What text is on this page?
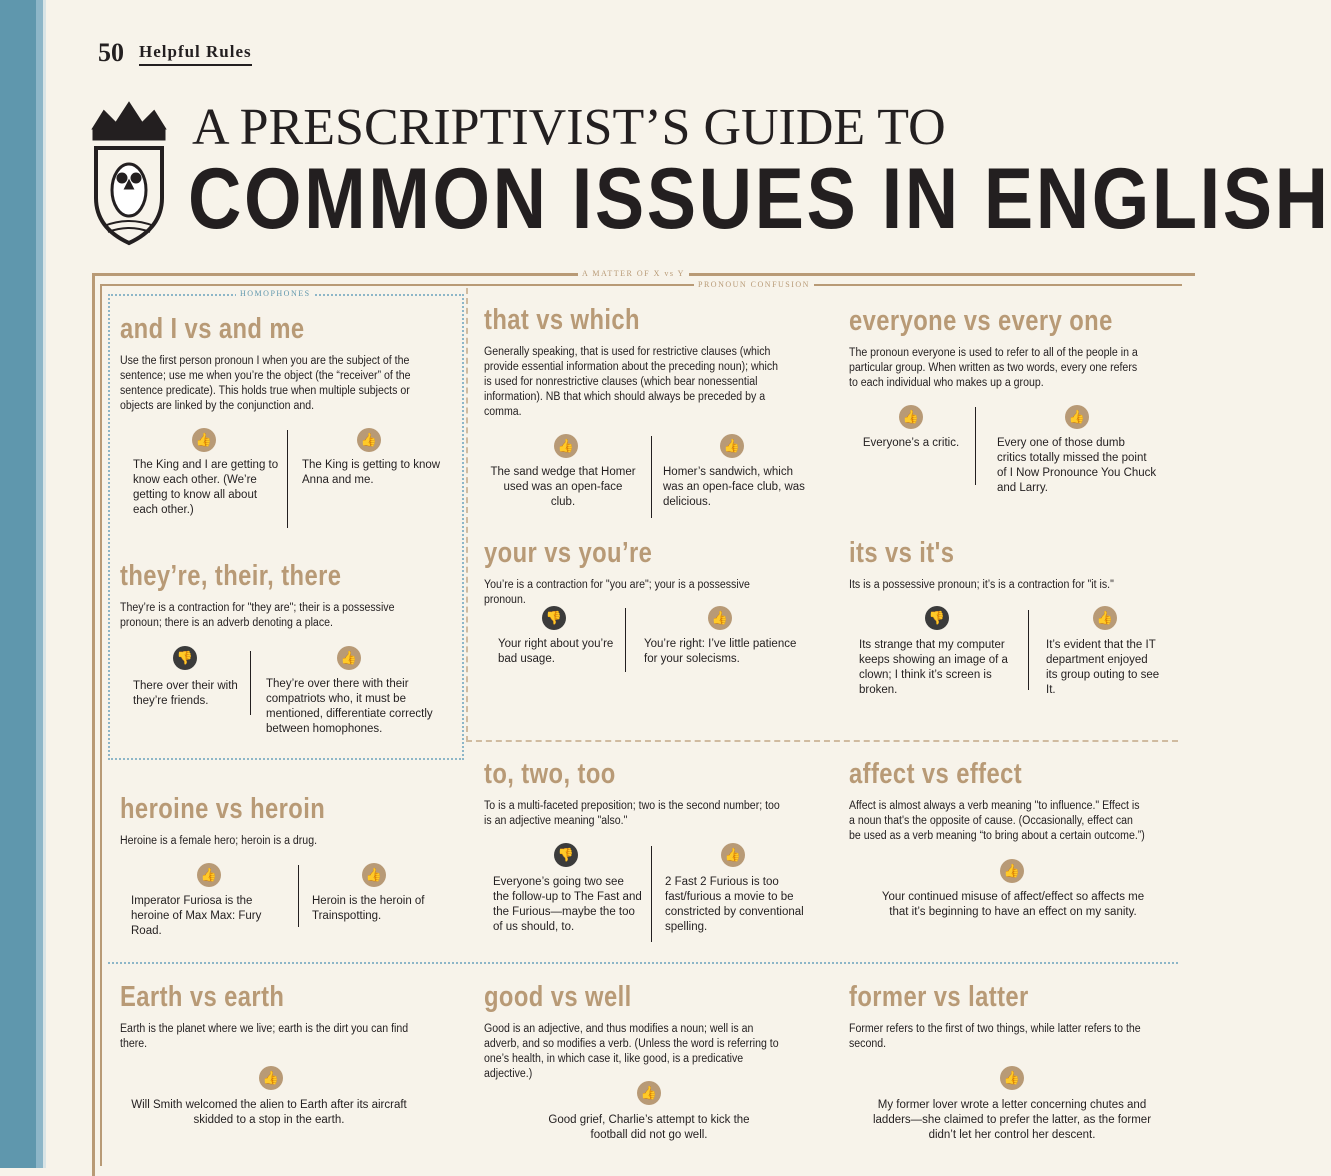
50 Helpful Rules
A PRESCRIPTIVIST’S GUIDE TO
COMMON ISSUES IN ENGLISH
HOMOPHONES
A MATTER OF X vs Y
PRONOUN CONFUSION
and I vs and me

Use the first person pronoun I when you are the subject of the sentence; use me when you’re the object (the “receiver” of the sentence predicate). This holds true when multiple subjects or objects are linked by the conjunction and.

👍
The King and I are getting to know each other. (We’re getting to know all about each other.)
👍
The King is getting to know Anna and me.
they’re, their, there

They’re is a contraction for "they are"; their is a possessive pronoun; there is an adverb denoting a place.

👎
There over their with they’re friends.
👍
They’re over there with their compatriots who, it must be mentioned, differentiate correctly between homophones.
that vs which

Generally speaking, that is used for restrictive clauses (which provide essential information about the preceding noun); which is used for nonrestrictive clauses (which bear nonessential information). NB that which should always be preceded by a comma.

👍
The sand wedge that Homer used was an open-face club.
👍
Homer’s sandwich, which was an open-face club, was delicious.
everyone vs every one

The pronoun everyone is used to refer to all of the people in a particular group. When written as two words, every one refers to each individual who makes up a group.

👍
Everyone’s a critic.
👍
Every one of those dumb critics totally missed the point of I Now Pronounce You Chuck and Larry.
your vs you’re

You’re is a contraction for "you are"; your is a possessive pronoun.

👎
Your right about you’re bad usage.
👍
You’re right: I’ve little patience for your solecisms.
its vs it's

Its is a possessive pronoun; it’s is a contraction for "it is."

👎
Its strange that my computer keeps showing an image of a clown; I think it’s screen is broken.
👍
It’s evident that the IT department enjoyed its group outing to see It.
heroine vs heroin

Heroine is a female hero; heroin is a drug.

👍
Imperator Furiosa is the heroine of Max Max: Fury Road.
👍
Heroin is the heroin of Trainspotting.
to, two, too

To is a multi-faceted preposition; two is the second number; too is an adjective meaning "also."

👎
Everyone’s going two see the follow-up to The Fast and the Furious—maybe the too of us should, to.
👍
2 Fast 2 Furious is too fast/furious a movie to be constricted by conventional spelling.
affect vs effect

Affect is almost always a verb meaning "to influence." Effect is a noun that's the opposite of cause. (Occasionally, effect can be used as a verb meaning “to bring about a certain outcome.”)

👍
Your continued misuse of affect/effect so affects me that it’s beginning to have an effect on my sanity.
Earth vs earth

Earth is the planet where we live; earth is the dirt you can find there.

👍
Will Smith welcomed the alien to Earth after its aircraft skidded to a stop in the earth.
good vs well

Good is an adjective, and thus modifies a noun; well is an adverb, and so modifies a verb. (Unless the word is referring to one’s health, in which case it, like good, is a predicative adjective.)

👍
Good grief, Charlie’s attempt to kick the football did not go well.
former vs latter

Former refers to the first of two things, while latter refers to the second.

👍
My former lover wrote a letter concerning chutes and ladders—she claimed to prefer the latter, as the former didn’t let her control her descent.
